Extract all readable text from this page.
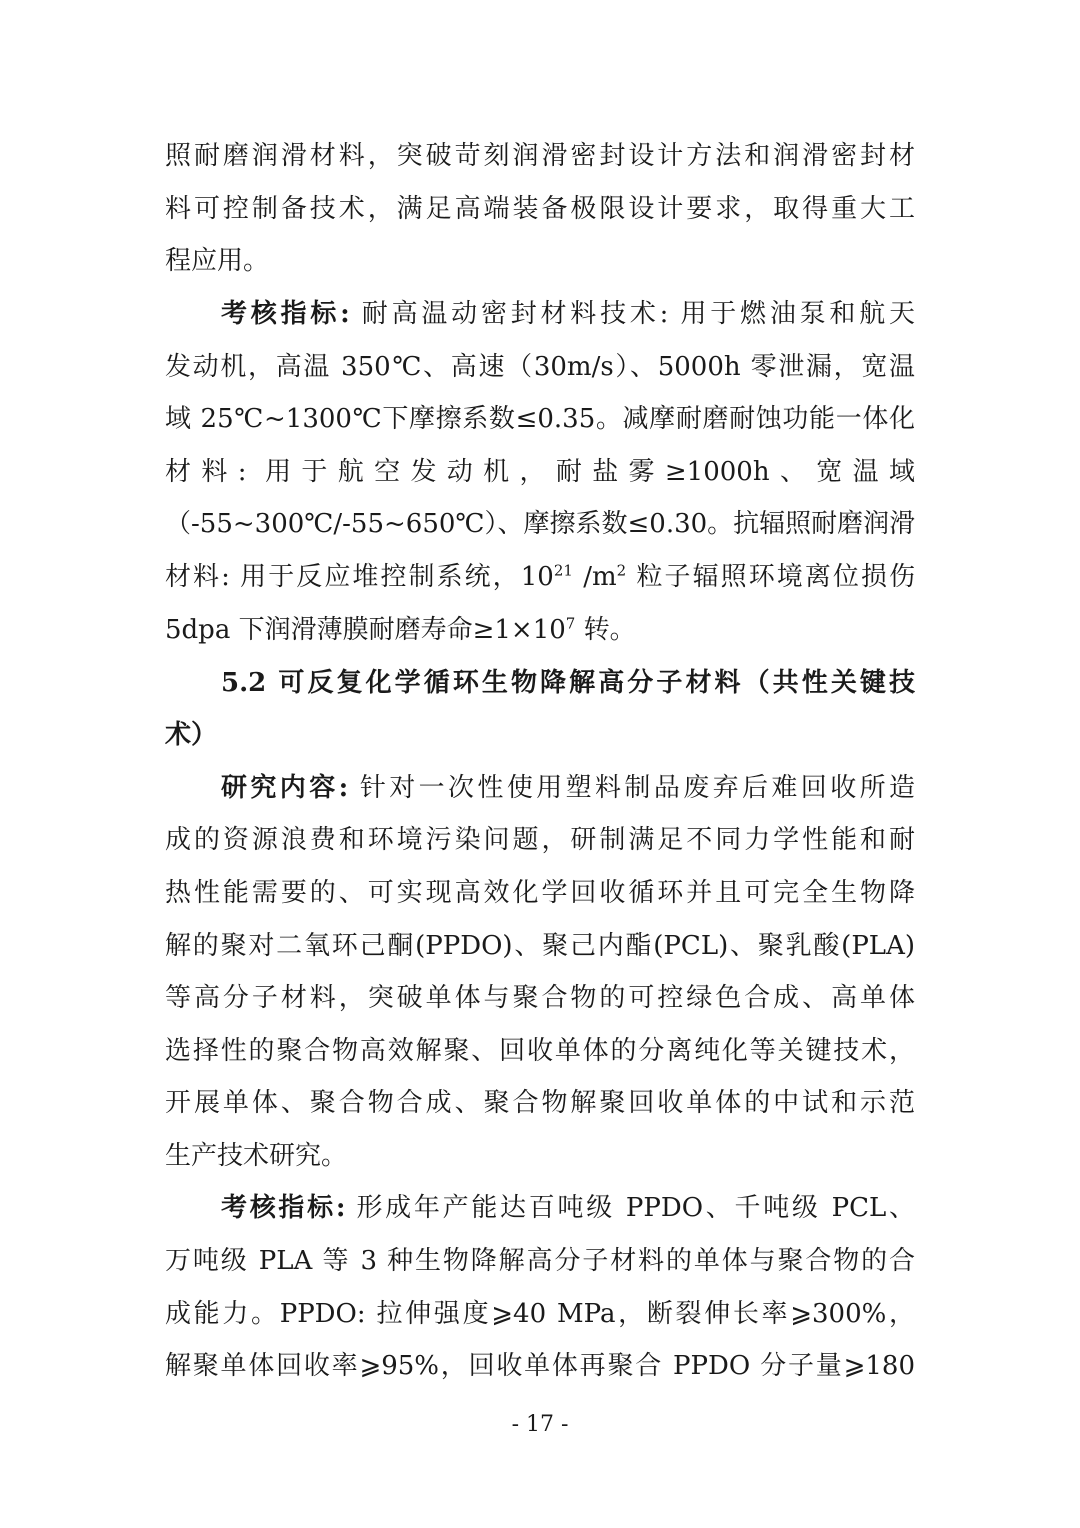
照耐磨润滑材料，突破苛刻润滑密封设计方法和润滑密封材
料可控制备技术，满足高端装备极限设计要求，取得重大工
程应用。
考核指标: 耐高温动密封材料技术: 用于燃油泵和航天
发动机，高温 350℃、高速（30m/s）、5000h 零泄漏，宽温
域 25℃~1300℃下摩擦系数≤0.35。减摩耐磨耐蚀功能一体化
材料: 用于航空发动机，耐盐雾≥1000h、宽温域
（-55~300℃/-55~650℃）、摩擦系数≤0.30。抗辐照耐磨润滑
材料: 用于反应堆控制系统，$10^{21}$ $/m^2$ 粒子辐照环境离位损伤
5dpa 下润滑薄膜耐磨寿命$\ge 1\times 10^7$ 转。
5.2 可反复化学循环生物降解高分子材料（共性关键技
术）
研究内容: 针对一次性使用塑料制品废弃后难回收所造
成的资源浪费和环境污染问题，研制满足不同力学性能和耐
热性能需要的、可实现高效化学回收循环并且可完全生物降
解的聚对二氧环己酮(PPDO)、聚己内酯(PCL)、聚乳酸(PLA)
等高分子材料，突破单体与聚合物的可控绿色合成、高单体
选择性的聚合物高效解聚、回收单体的分离纯化等关键技术，
开展单体、聚合物合成、聚合物解聚回收单体的中试和示范
生产技术研究。
考核指标: 形成年产能达百吨级 PPDO、千吨级 PCL、
万吨级 PLA 等 3 种生物降解高分子材料的单体与聚合物的合
成能力。PPDO: 拉伸强度⩾40 MPa，断裂伸长率⩾300%，
解聚单体回收率⩾95%，回收单体再聚合 PPDO 分子量⩾180
- 17 -
